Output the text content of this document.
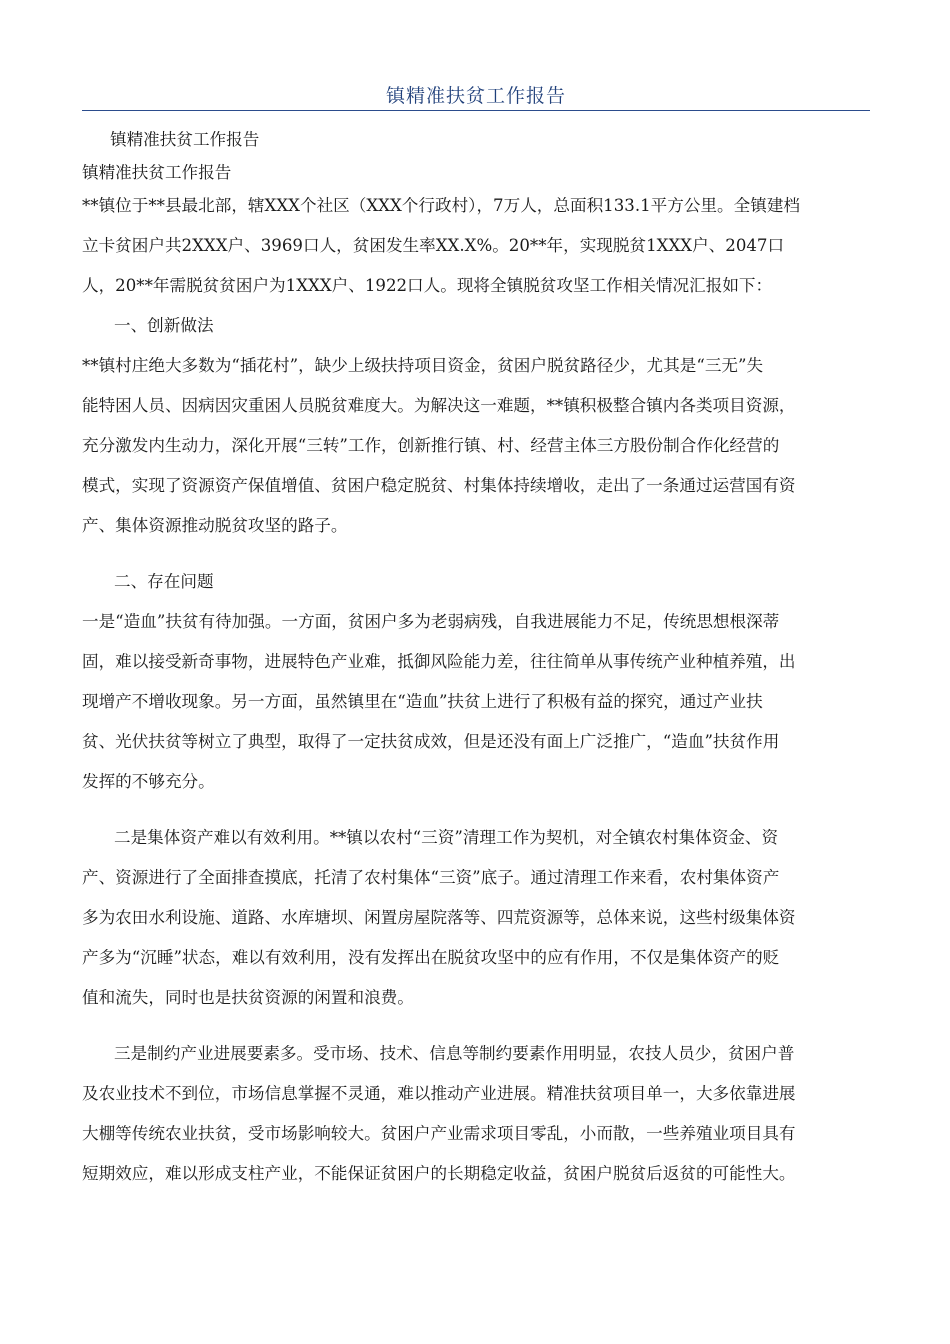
镇精准扶贫工作报告

镇精准扶贫工作报告

镇精准扶贫工作报告

**镇位于**县最北部，辖XXX个社区（XXX个行政村），7万人，总面积133.1平方公里。全镇建档
立卡贫困户共2XXX户、3969口人，贫困发生率XX.X%。20**年，实现脱贫1XXX户、2047口
人，20**年需脱贫贫困户为1XXX户、1922口人。现将全镇脱贫攻坚工作相关情况汇报如下：

一、创新做法

**镇村庄绝大多数为“插花村”，缺少上级扶持项目资金，贫困户脱贫路径少，尤其是“三无”失
能特困人员、因病因灾重困人员脱贫难度大。为解决这一难题，**镇积极整合镇内各类项目资源，
充分激发内生动力，深化开展“三转”工作，创新推行镇、村、经营主体三方股份制合作化经营的
模式，实现了资源资产保值增值、贫困户稳定脱贫、村集体持续增收，走出了一条通过运营国有资
产、集体资源推动脱贫攻坚的路子。

二、存在问题

一是“造血”扶贫有待加强。一方面，贫困户多为老弱病残，自我进展能力不足，传统思想根深蒂
固，难以接受新奇事物，进展特色产业难，抵御风险能力差，往往简单从事传统产业种植养殖，出
现增产不增收现象。另一方面，虽然镇里在“造血”扶贫上进行了积极有益的探究，通过产业扶
贫、光伏扶贫等树立了典型，取得了一定扶贫成效，但是还没有面上广泛推广，“造血”扶贫作用
发挥的不够充分。

二是集体资产难以有效利用。**镇以农村“三资”清理工作为契机，对全镇农村集体资金、资
产、资源进行了全面排查摸底，托清了农村集体“三资”底子。通过清理工作来看，农村集体资产
多为农田水利设施、道路、水库塘坝、闲置房屋院落等、四荒资源等，总体来说，这些村级集体资
产多为“沉睡”状态，难以有效利用，没有发挥出在脱贫攻坚中的应有作用，不仅是集体资产的贬
值和流失，同时也是扶贫资源的闲置和浪费。

三是制约产业进展要素多。受市场、技术、信息等制约要素作用明显，农技人员少，贫困户普
及农业技术不到位，市场信息掌握不灵通，难以推动产业进展。精准扶贫项目单一，大多依靠进展
大棚等传统农业扶贫，受市场影响较大。贫困户产业需求项目零乱，小而散，一些养殖业项目具有
短期效应，难以形成支柱产业，不能保证贫困户的长期稳定收益，贫困户脱贫后返贫的可能性大。
